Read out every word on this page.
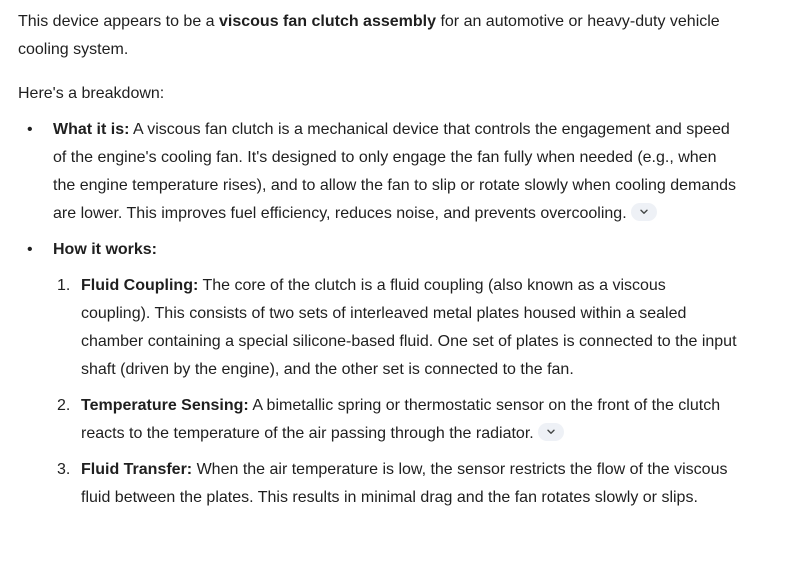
This device appears to be a viscous fan clutch assembly for an automotive or heavy-duty vehicle cooling system.

Here's a breakdown:

• What it is: A viscous fan clutch is a mechanical device that controls the engagement and speed of the engine's cooling fan. It's designed to only engage the fan fully when needed (e.g., when the engine temperature rises), and to allow the fan to slip or rotate slowly when cooling demands are lower. This improves fuel efficiency, reduces noise, and prevents overcooling.
• How it works:
1. Fluid Coupling: The core of the clutch is a fluid coupling (also known as a viscous coupling). This consists of two sets of interleaved metal plates housed within a sealed chamber containing a special silicone-based fluid. One set of plates is connected to the input shaft (driven by the engine), and the other set is connected to the fan.
2. Temperature Sensing: A bimetallic spring or thermostatic sensor on the front of the clutch reacts to the temperature of the air passing through the radiator.
3. Fluid Transfer: When the air temperature is low, the sensor restricts the flow of the viscous fluid between the plates. This results in minimal drag and the fan rotates slowly or slips.
